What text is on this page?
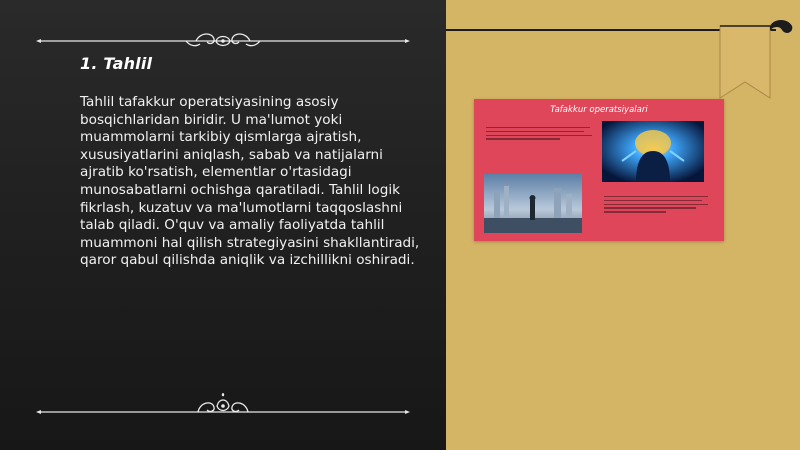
1. Tahlil

Tahlil tafakkur operatsiyasining asosiy bosqichlaridan biridir. U ma'lumot yoki muammolarni tarkibiy qismlarga ajratish, xususiyatlarini aniqlash, sabab va natijalarni ajratib ko'rsatish, elementlar o'rtasidagi munosabatlarni ochishga qaratiladi. Tahlil logik fikrlash, kuzatuv va ma'lumotlarni taqqoslashni talab qiladi. O'quv va amaliy faoliyatda tahlil muammoni hal qilish strategiyasini shakllantiradi, qaror qabul qilishda aniqlik va izchillikni oshiradi.

Tafakkur operatsiyalari
